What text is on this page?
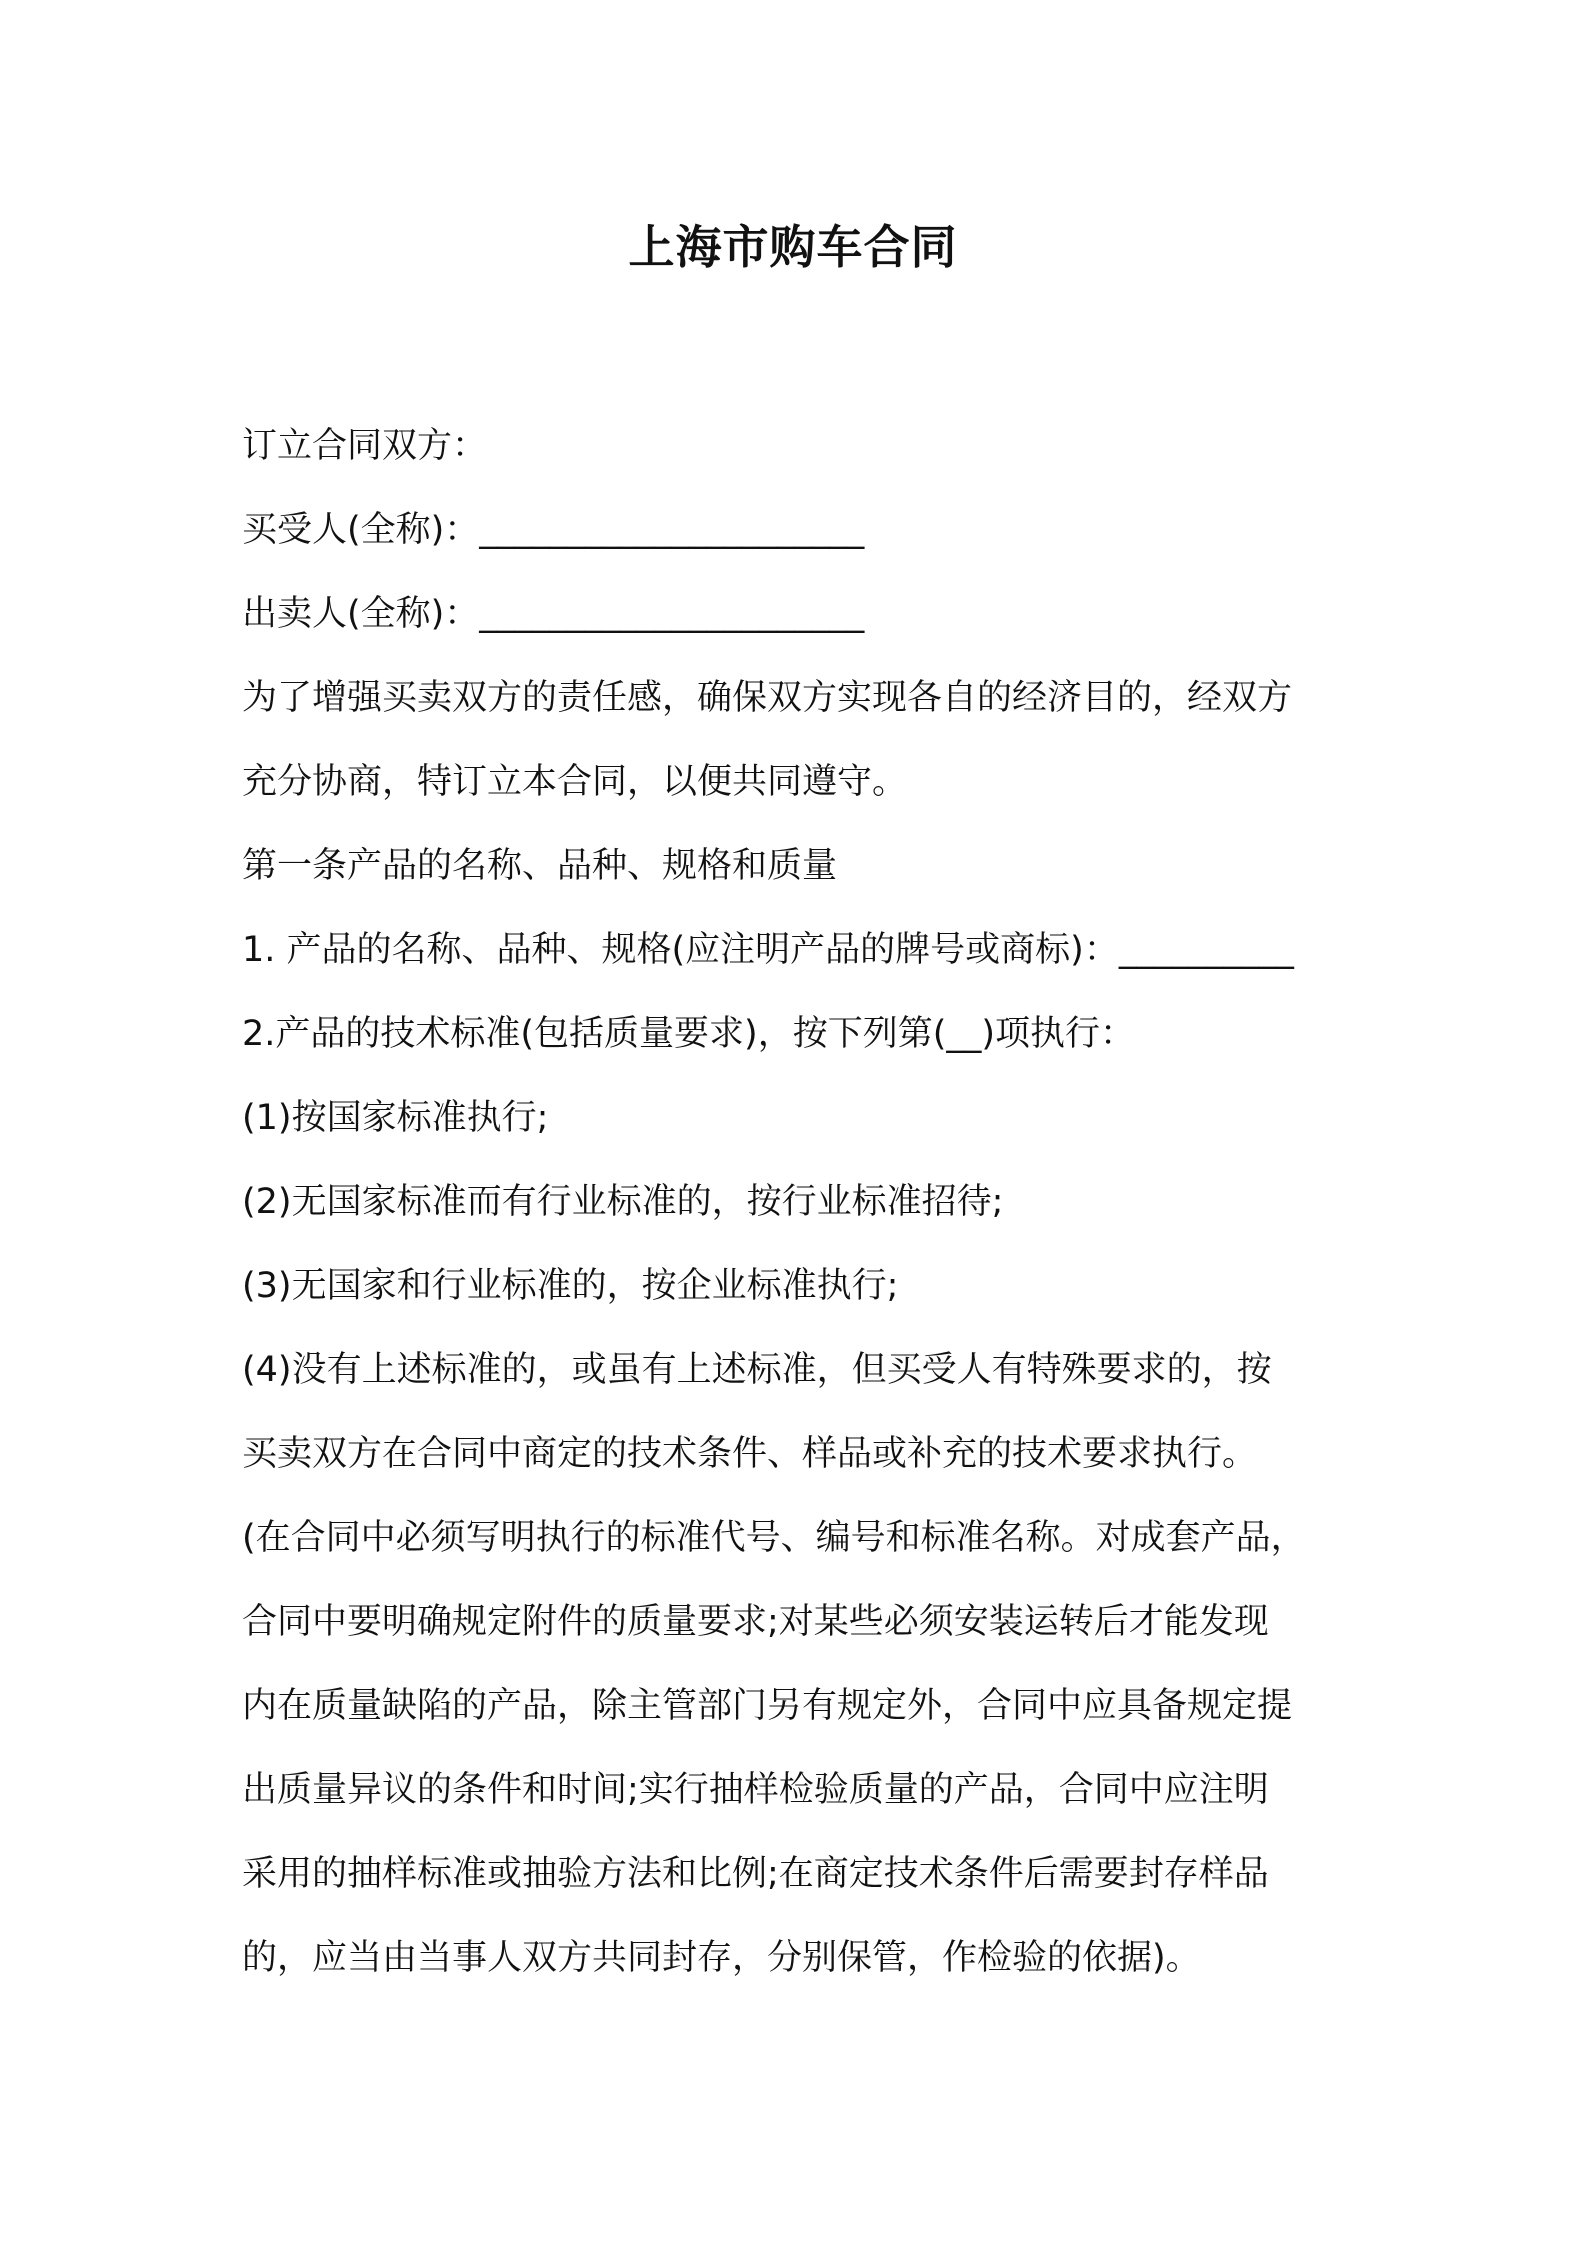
上海市购车合同
订立合同双方：
买受人(全称)：______________________
出卖人(全称)：______________________
为了增强买卖双方的责任感，确保双方实现各自的经济目的，经双方
充分协商，特订立本合同，以便共同遵守。
第一条产品的名称、品种、规格和质量
1. 产品的名称、品种、规格(应注明产品的牌号或商标)：__________
2.产品的技术标准(包括质量要求)，按下列第(__)项执行：
(1)按国家标准执行;
(2)无国家标准而有行业标准的，按行业标准招待;
(3)无国家和行业标准的，按企业标准执行;
(4)没有上述标准的，或虽有上述标准，但买受人有特殊要求的，按
买卖双方在合同中商定的技术条件、样品或补充的技术要求执行。
(在合同中必须写明执行的标准代号、编号和标准名称。对成套产品，
合同中要明确规定附件的质量要求;对某些必须安装运转后才能发现
内在质量缺陷的产品，除主管部门另有规定外，合同中应具备规定提
出质量异议的条件和时间;实行抽样检验质量的产品，合同中应注明
采用的抽样标准或抽验方法和比例;在商定技术条件后需要封存样品
的，应当由当事人双方共同封存，分别保管，作检验的依据)。
